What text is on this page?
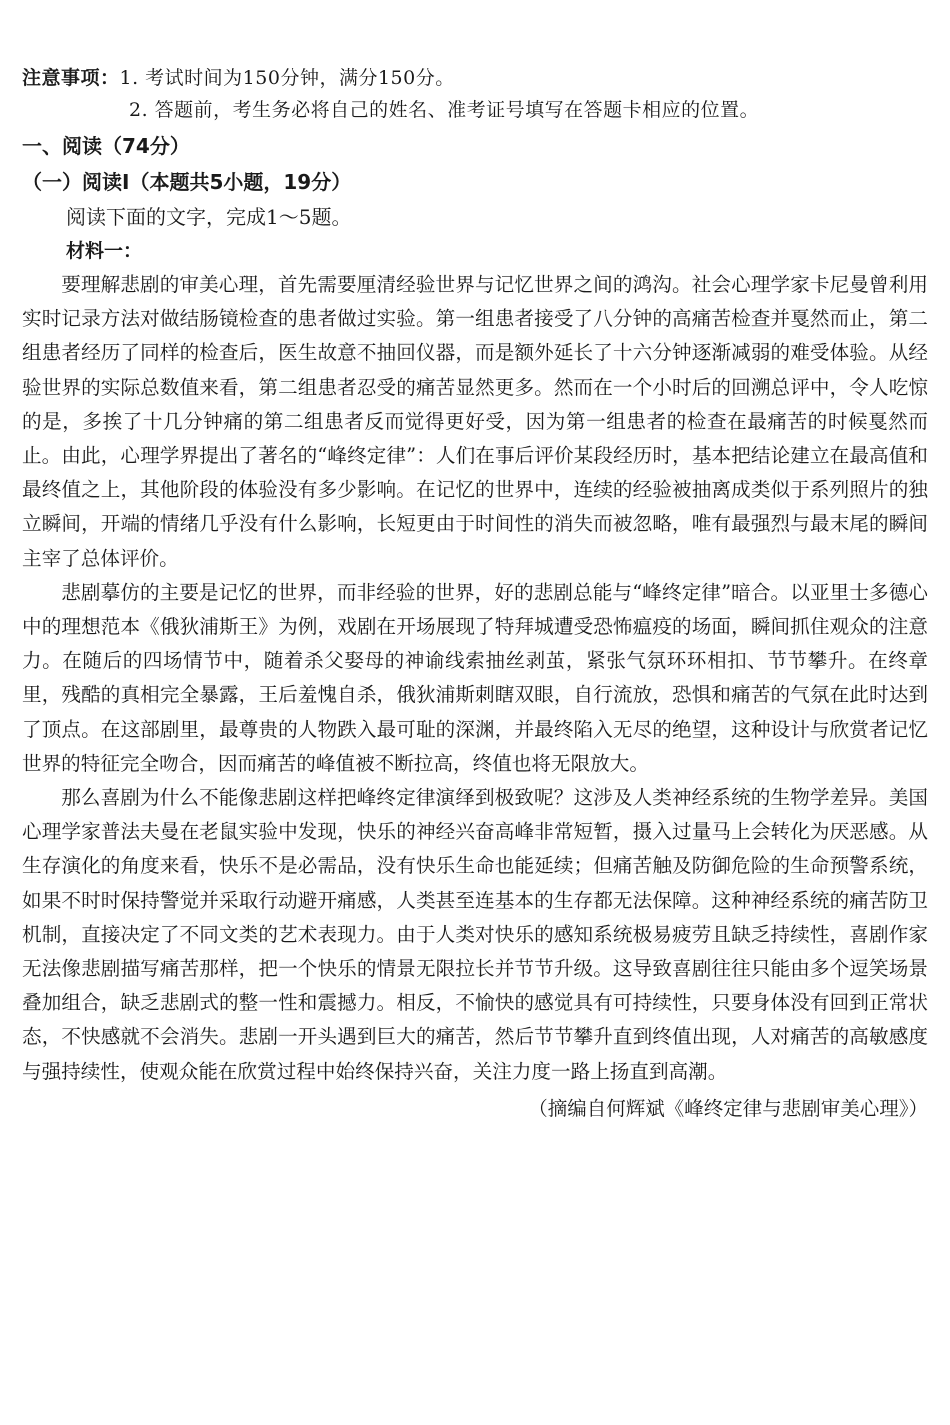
注意事项：1. 考试时间为150分钟，满分150分。
2. 答题前，考生务必将自己的姓名、准考证号填写在答题卡相应的位置。
一、阅读（74分）
（一）阅读Ⅰ（本题共5小题，19分）
阅读下面的文字，完成1～5题。
材料一：

要理解悲剧的审美心理，首先需要厘清经验世界与记忆世界之间的鸿沟。社会心理学家卡尼曼曾利用实时记录方法对做结肠镜检查的患者做过实验。第一组患者接受了八分钟的高痛苦检查并戛然而止，第二组患者经历了同样的检查后，医生故意不抽回仪器，而是额外延长了十六分钟逐渐减弱的难受体验。从经验世界的实际总数值来看，第二组患者忍受的痛苦显然更多。然而在一个小时后的回溯总评中，令人吃惊的是，多挨了十几分钟痛的第二组患者反而觉得更好受，因为第一组患者的检查在最痛苦的时候戛然而止。由此，心理学界提出了著名的“峰终定律”：人们在事后评价某段经历时，基本把结论建立在最高值和最终值之上，其他阶段的体验没有多少影响。在记忆的世界中，连续的经验被抽离成类似于系列照片的独立瞬间，开端的情绪几乎没有什么影响，长短更由于时间性的消失而被忽略，唯有最强烈与最末尾的瞬间主宰了总体评价。

悲剧摹仿的主要是记忆的世界，而非经验的世界，好的悲剧总能与“峰终定律”暗合。以亚里士多德心中的理想范本《俄狄浦斯王》为例，戏剧在开场展现了特拜城遭受恐怖瘟疫的场面，瞬间抓住观众的注意力。在随后的四场情节中，随着杀父娶母的神谕线索抽丝剥茧，紧张气氛环环相扣、节节攀升。在终章里，残酷的真相完全暴露，王后羞愧自杀，俄狄浦斯刺瞎双眼，自行流放，恐惧和痛苦的气氛在此时达到了顶点。在这部剧里，最尊贵的人物跌入最可耻的深渊，并最终陷入无尽的绝望，这种设计与欣赏者记忆世界的特征完全吻合，因而痛苦的峰值被不断拉高，终值也将无限放大。

那么喜剧为什么不能像悲剧这样把峰终定律演绎到极致呢？这涉及人类神经系统的生物学差异。美国心理学家普法夫曼在老鼠实验中发现，快乐的神经兴奋高峰非常短暂，摄入过量马上会转化为厌恶感。从生存演化的角度来看，快乐不是必需品，没有快乐生命也能延续；但痛苦触及防御危险的生命预警系统，如果不时时保持警觉并采取行动避开痛感，人类甚至连基本的生存都无法保障。这种神经系统的痛苦防卫机制，直接决定了不同文类的艺术表现力。由于人类对快乐的感知系统极易疲劳且缺乏持续性，喜剧作家无法像悲剧描写痛苦那样，把一个快乐的情景无限拉长并节节升级。这导致喜剧往往只能由多个逗笑场景叠加组合，缺乏悲剧式的整一性和震撼力。相反，不愉快的感觉具有可持续性，只要身体没有回到正常状态，不快感就不会消失。悲剧一开头遇到巨大的痛苦，然后节节攀升直到终值出现，人对痛苦的高敏感度与强持续性，使观众能在欣赏过程中始终保持兴奋，关注力度一路上扬直到高潮。

（摘编自何辉斌《峰终定律与悲剧审美心理》）
